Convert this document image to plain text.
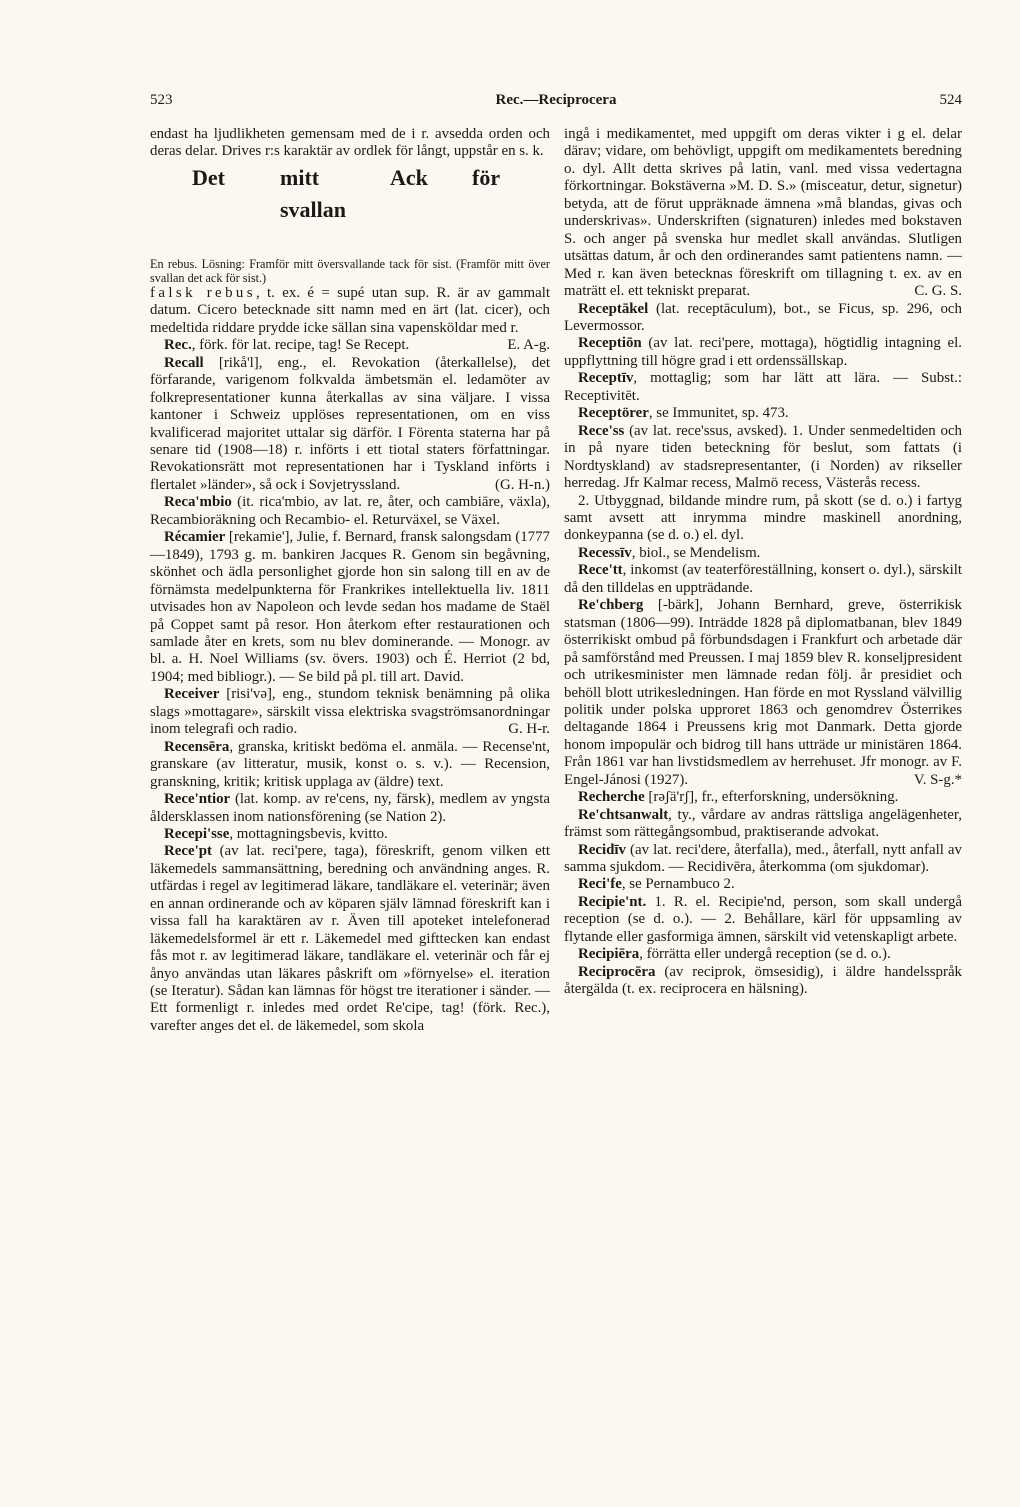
523	Rec.—Reciprocera	524

endast ha ljudlikheten gemensam med de i r. avsedda orden och deras delar. Drives r:s karaktär av ordlek för långt, uppstår en s. k.

Det	mitt	Ack för
svallan

En rebus. Lösning: Framför mitt översvallande tack för sist. (Framför mitt över svallan det ack för sist.)

falsk rebus, t. ex. é = supé utan sup. R. är av gammalt datum. Cicero betecknade sitt namn med en ärt (lat. cicer), och medeltida riddare prydde icke sällan sina vapensköldar med r.
E. A-g.

Rec., förk. för lat. recipe, tag! Se Recept.

Recall [rikå'l], eng., el. Revokation (återkallelse), det förfarande, varigenom folkvalda ämbetsmän el. ledamöter av folkrepresentationer kunna återkallas av sina väljare. I vissa kantoner i Schweiz upplöses representationen, om en viss kvalificerad majoritet uttalar sig därför. I Förenta staterna har på senare tid (1908—18) r. införts i ett tiotal staters författningar. Revokationsrätt mot representationen har i Tyskland införts i flertalet »länder», så ock i Sovjetryssland.	(G. H-n.)

Reca'mbio (it. rica'mbio, av lat. re, åter, och cambiāre, växla), Recambioräkning och Recambio- el. Returväxel, se Växel.

Récamier [rekamie'], Julie, f. Bernard, fransk salongsdam (1777—1849), 1793 g. m. bankiren Jacques R. Genom sin begåvning, skönhet och ädla personlighet gjorde hon sin salong till en av de förnämsta medelpunkterna för Frankrikes intellektuella liv. 1811 utvisades hon av Napoleon och levde sedan hos madame de Staël på Coppet samt på resor. Hon återkom efter restaurationen och samlade åter en krets, som nu blev dominerande. — Monogr. av bl. a. H. Noel Williams (sv. övers. 1903) och É. Herriot (2 bd, 1904; med bibliogr.). — Se bild på pl. till art. David.

Receiver [risi'vә], eng., stundom teknisk benämning på olika slags »mottagare», särskilt vissa elektriska svagströmsanordningar inom telegrafi och radio.	G. H-r.

Recensēra, granska, kritiskt bedöma el. anmäla. — Recense'nt, granskare (av litteratur, musik, konst o. s. v.). — Recension, granskning, kritik; kritisk upplaga av (äldre) text.

Rece'ntior (lat. komp. av re'cens, ny, färsk), medlem av yngsta åldersklassen inom nationsförening (se Nation 2).

Recepi'sse, mottagningsbevis, kvitto.

Rece'pt (av lat. reci'pere, taga), föreskrift, genom vilken ett läkemedels sammansättning, beredning och användning anges. R. utfärdas i regel av legitimerad läkare, tandläkare el. veterinär; även en annan ordinerande och av köparen själv lämnad föreskrift kan i vissa fall ha karaktären av r. Även till apoteket intelefonerad läkemedelsformel är ett r. Läkemedel med gifttecken kan endast fås mot r. av legitimerad läkare, tandläkare el. veterinär och får ej ånyo användas utan läkares påskrift om »förnyelse» el. iteration (se Iteratur). Sådan kan lämnas för högst tre iterationer i sänder. — Ett formenligt r. inledes med ordet Re'cipe, tag! (förk. Rec.), varefter anges det el. de läkemedel, som skola

ingå i medikamentet, med uppgift om deras vikter i g el. delar därav; vidare, om behövligt, uppgift om medikamentets beredning o. dyl. Allt detta skrives på latin, vanl. med vissa vedertagna förkortningar. Bokstäverna »M. D. S.» (misceatur, detur, signetur) betyda, att de förut uppräknade ämnena »må blandas, givas och underskrivas». Underskriften (signaturen) inledes med bokstaven S. och anger på svenska hur medlet skall användas. Slutligen utsättas datum, år och den ordinerandes samt patientens namn. — Med r. kan även betecknas föreskrift om tillagning t. ex. av en maträtt el. ett tekniskt preparat.	C. G. S.

Receptākel (lat. receptāculum), bot., se Ficus, sp. 296, och Levermossor.

Receptiōn (av lat. reci'pere, mottaga), högtidlig intagning el. uppflyttning till högre grad i ett ordenssällskap.

Receptīv, mottaglig; som har lätt att lära. — Subst.: Receptivitēt.

Receptörer, se Immunitet, sp. 473.

Rece'ss (av lat. rece'ssus, avsked). 1. Under senmedeltiden och in på nyare tiden beteckning för beslut, som fattats (i Nordtyskland) av stadsrepresentanter, (i Norden) av rikseller herredag. Jfr Kalmar recess, Malmö recess, Västerås recess.

2. Utbyggnad, bildande mindre rum, på skott (se d. o.) i fartyg samt avsett att inrymma mindre maskinell anordning, donkeypanna (se d. o.) el. dyl.

Recessīv, biol., se Mendelism.

Rece'tt, inkomst (av teaterföreställning, konsert o. dyl.), särskilt då den tilldelas en uppträdande.

Re'chberg [-bärk], Johann Bernhard, greve, österrikisk statsman (1806—99). Inträdde 1828 på diplomatbanan, blev 1849 österrikiskt ombud på förbundsdagen i Frankfurt och arbetade där på samförstånd med Preussen. I maj 1859 blev R. konseljpresident och utrikesminister men lämnade redan följ. år presidiet och behöll blott utrikesledningen. Han förde en mot Ryssland välvillig politik under polska upproret 1863 och genomdrev Österrikes deltagande 1864 i Preussens krig mot Danmark. Detta gjorde honom impopulär och bidrog till hans utträde ur ministären 1864. Från 1861 var han livstidsmedlem av herrehuset. Jfr monogr. av F. Engel-Jánosi (1927).	V. S-g.*

Recherche [rәʃä'rʃ], fr., efterforskning, undersökning.

Re'chtsanwalt, ty., vårdare av andras rättsliga angelägenheter, främst som rättegångsombud, praktiserande advokat.

Recidīv (av lat. reci'dere, återfalla), med., återfall, nytt anfall av samma sjukdom. — Recidivēra, återkomma (om sjukdomar).

Reci'fe, se Pernambuco 2.

Recipie'nt. 1. R. el. Recipie'nd, person, som skall undergå reception (se d. o.). — 2. Behållare, kärl för uppsamling av flytande eller gasformiga ämnen, särskilt vid vetenskapligt arbete.

Recipiēra, förrätta eller undergå reception (se d. o.).

Reciprocēra (av reciprok, ömsesidig), i äldre handelsspråk återgälda (t. ex. reciprocera en hälsning).
